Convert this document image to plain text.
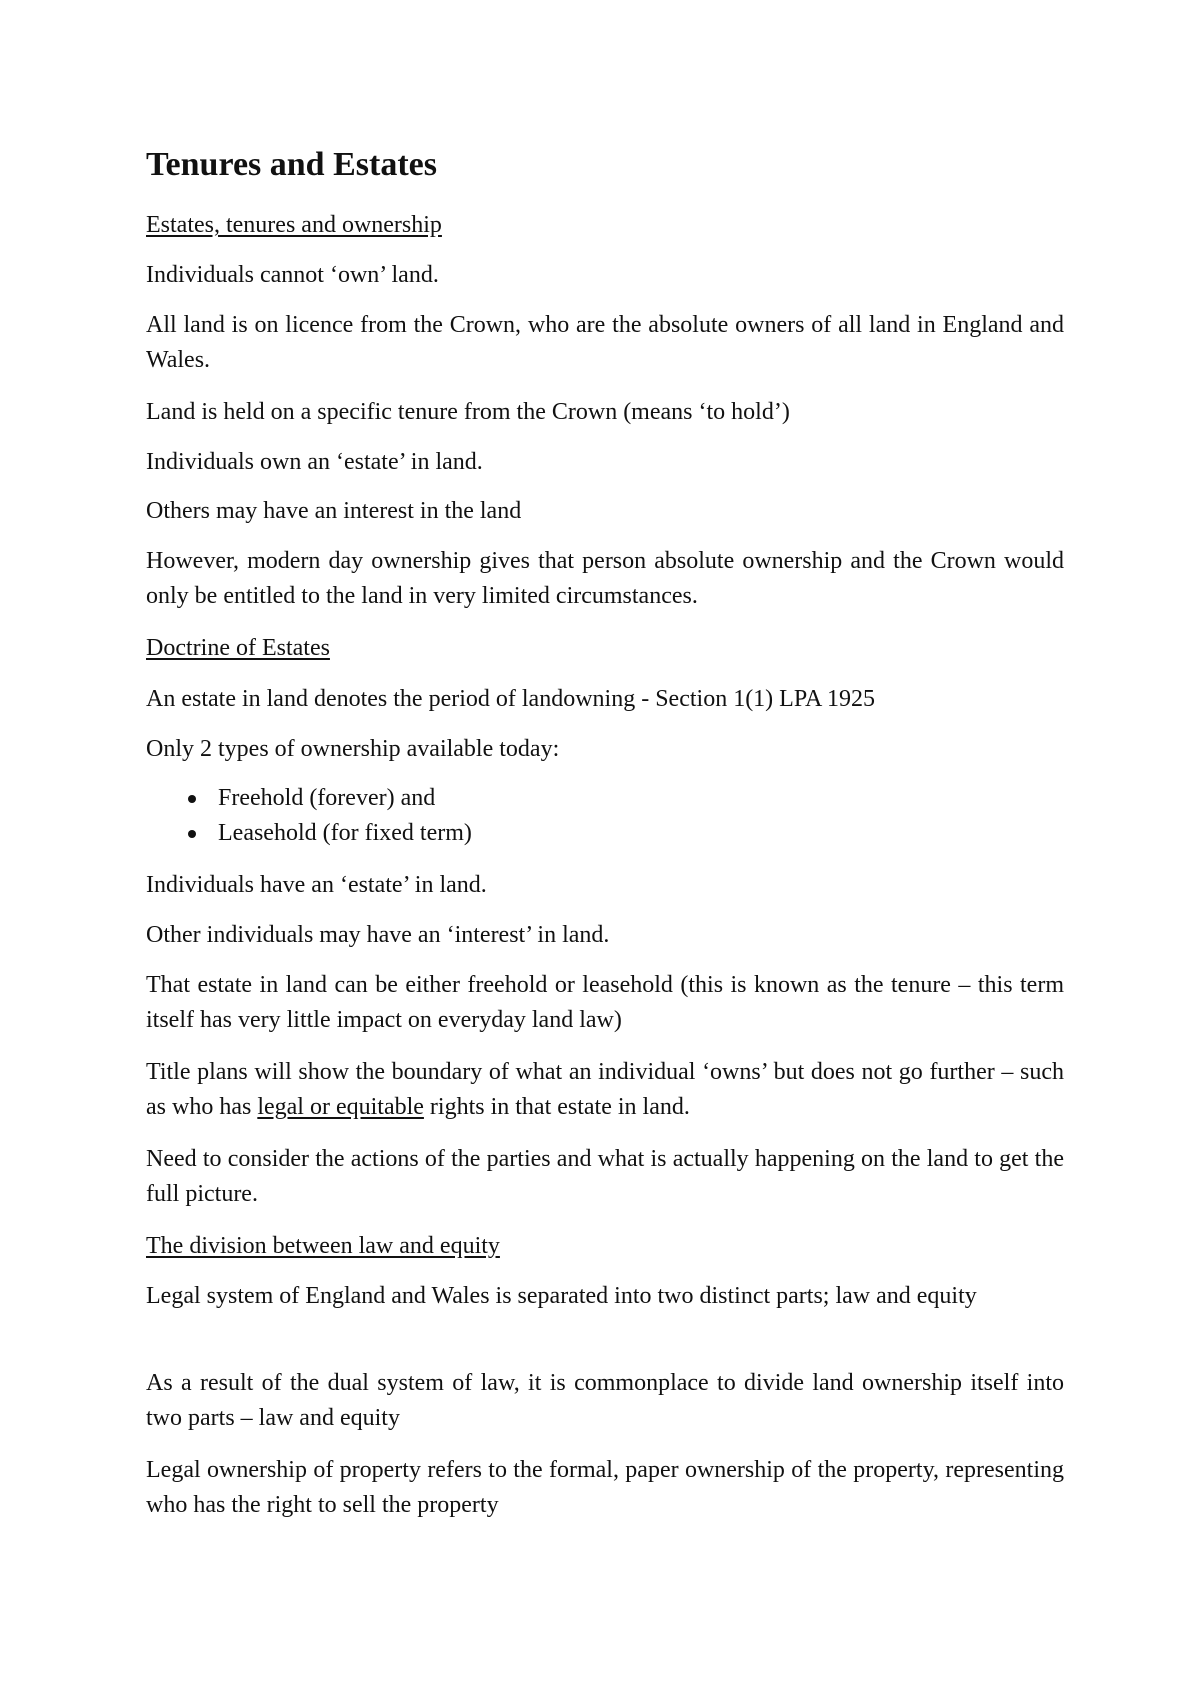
Tenures and Estates

Estates, tenures and ownership

Individuals cannot ‘own’ land.

All land is on licence from the Crown, who are the absolute owners of all land in England and Wales.

Land is held on a specific tenure from the Crown (means ‘to hold’)

Individuals own an ‘estate’ in land.

Others may have an interest in the land

However, modern day ownership gives that person absolute ownership and the Crown would only be entitled to the land in very limited circumstances.

Doctrine of Estates

An estate in land denotes the period of landowning - Section 1(1) LPA 1925

Only 2 types of ownership available today:

Freehold (forever) and

Leasehold (for fixed term)

Individuals have an ‘estate’ in land.

Other individuals may have an ‘interest’ in land.

That estate in land can be either freehold or leasehold (this is known as the tenure – this term itself has very little impact on everyday land law)

Title plans will show the boundary of what an individual ‘owns’ but does not go further – such as who has legal or equitable rights in that estate in land.

Need to consider the actions of the parties and what is actually happening on the land to get the full picture.

The division between law and equity

Legal system of England and Wales is separated into two distinct parts; law and equity

As a result of the dual system of law, it is commonplace to divide land ownership itself into two parts – law and equity

Legal ownership of property refers to the formal, paper ownership of the property, representing who has the right to sell the property
